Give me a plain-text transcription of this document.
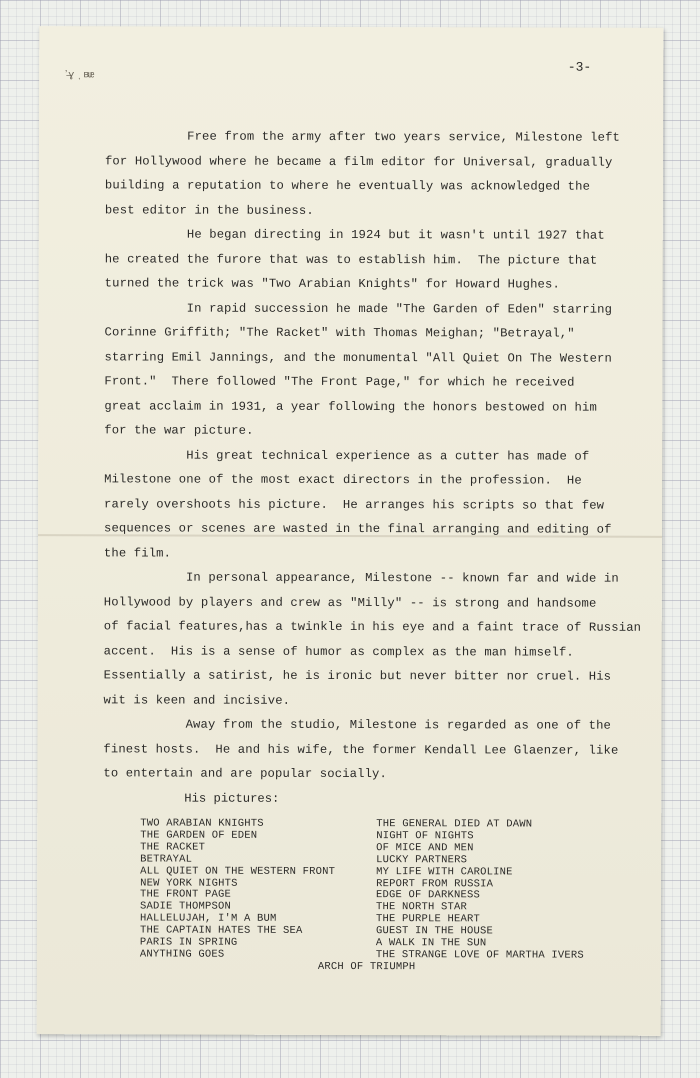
ʼ̶ɣ ͅ ʙᵫ
-3-
Free from the army after two years service, Milestone left
for Hollywood where he became a film editor for Universal, gradually
building a reputation to where he eventually was acknowledged the
best editor in the business.
He began directing in 1924 but it wasn't until 1927 that
he created the furore that was to establish him.  The picture that
turned the trick was "Two Arabian Knights" for Howard Hughes.
In rapid succession he made "The Garden of Eden" starring
Corinne Griffith; "The Racket" with Thomas Meighan; "Betrayal,"
starring Emil Jannings, and the monumental "All Quiet On The Western
Front."  There followed "The Front Page," for which he received
great acclaim in 1931, a year following the honors bestowed on him
for the war picture.
His great technical experience as a cutter has made of
Milestone one of the most exact directors in the profession.  He
rarely overshoots his picture.  He arranges his scripts so that few
sequences or scenes are wasted in the final arranging and editing of
the film.
In personal appearance, Milestone -- known far and wide in
Hollywood by players and crew as "Milly" -- is strong and handsome
of facial features,has a twinkle in his eye and a faint trace of Russian
accent.  His is a sense of humor as complex as the man himself.
Essentially a satirist, he is ironic but never bitter nor cruel. His
wit is keen and incisive.
Away from the studio, Milestone is regarded as one of the
finest hosts.  He and his wife, the former Kendall Lee Glaenzer, like
to entertain and are popular socially.
His pictures:
TWO ARABIAN KNIGHTS
THE GARDEN OF EDEN
THE RACKET
BETRAYAL
ALL QUIET ON THE WESTERN FRONT
NEW YORK NIGHTS
THE FRONT PAGE
SADIE THOMPSON
HALLELUJAH, I'M A BUM
THE CAPTAIN HATES THE SEA
PARIS IN SPRING
ANYTHING GOES
THE GENERAL DIED AT DAWN
NIGHT OF NIGHTS
OF MICE AND MEN
LUCKY PARTNERS
MY LIFE WITH CAROLINE
REPORT FROM RUSSIA
EDGE OF DARKNESS
THE NORTH STAR
THE PURPLE HEART
GUEST IN THE HOUSE
A WALK IN THE SUN
THE STRANGE LOVE OF MARTHA IVERS
ARCH OF TRIUMPH
